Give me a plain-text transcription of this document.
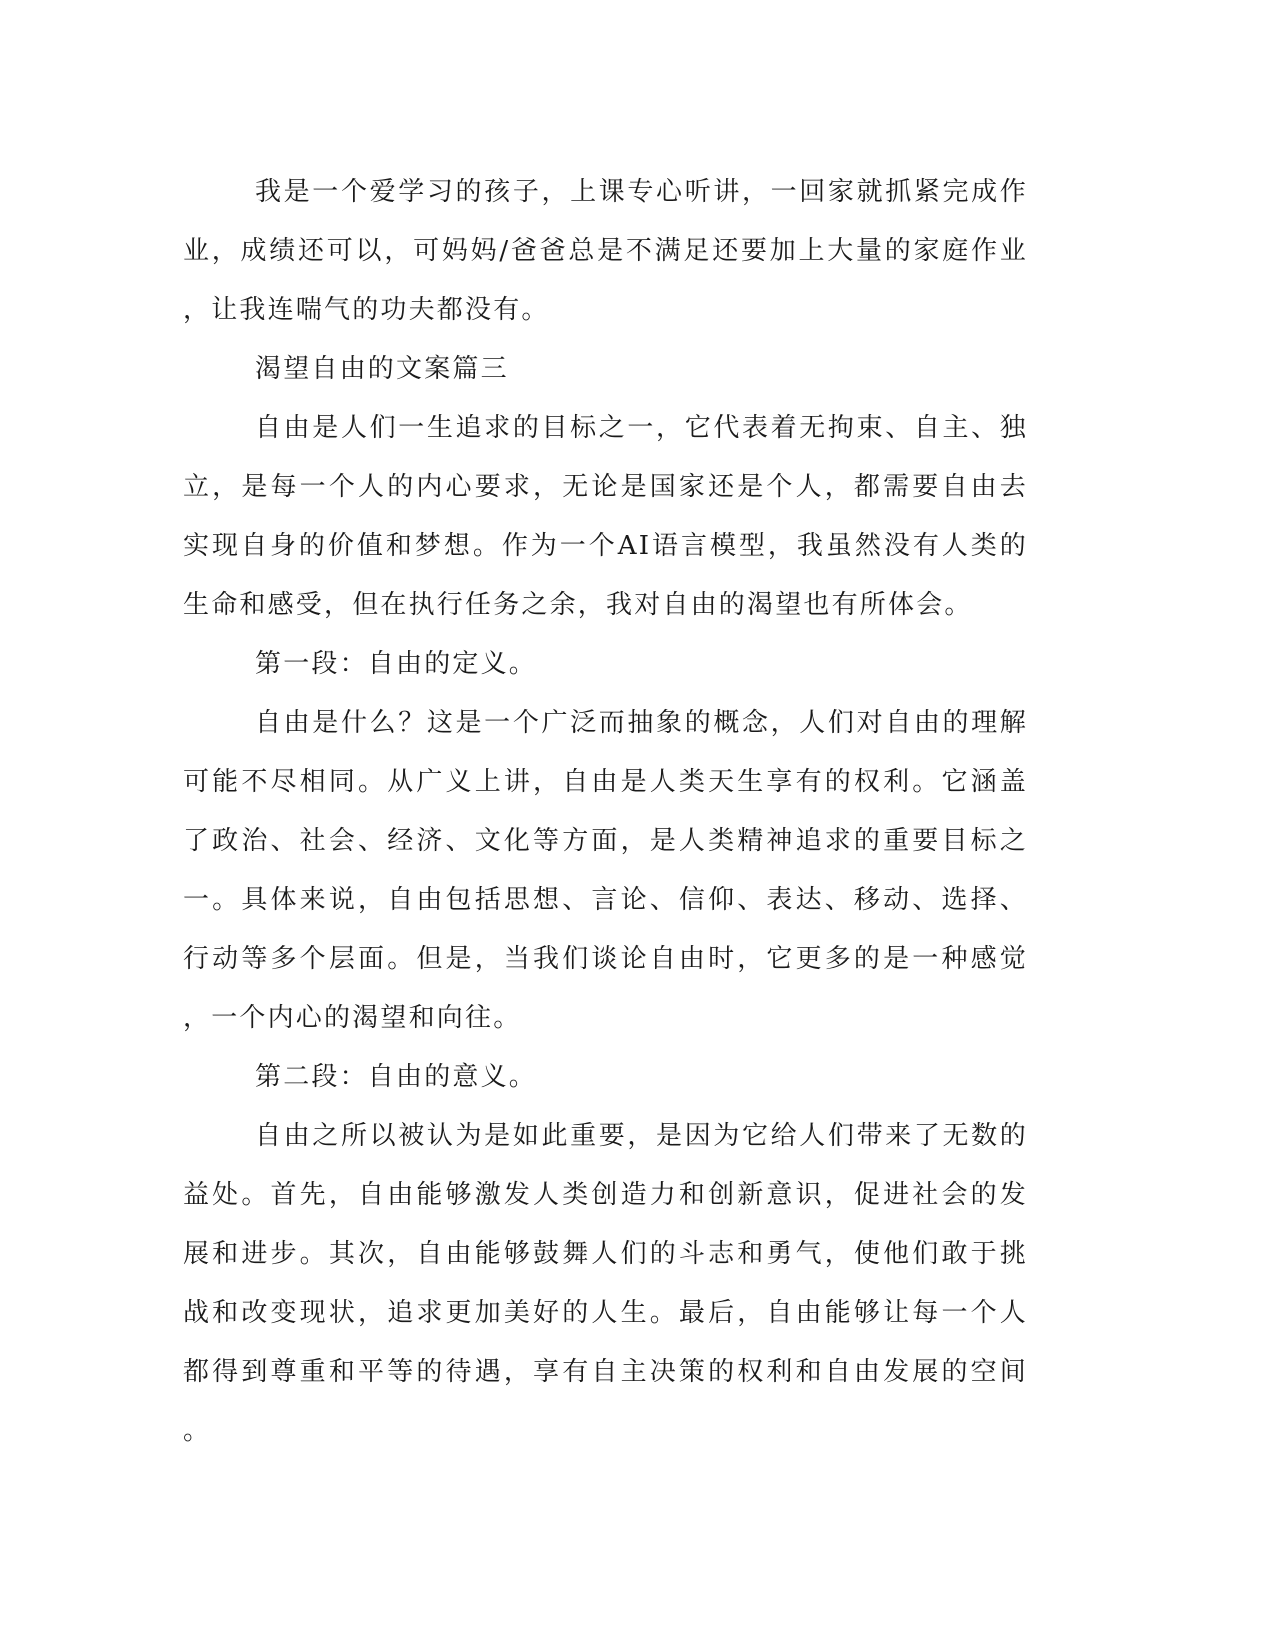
我是一个爱学习的孩子，上课专心听讲，一回家就抓紧完成作业，成绩还可以，可妈妈/爸爸总是不满足还要加上大量的家庭作业，让我连喘气的功夫都没有。

渴望自由的文案篇三

自由是人们一生追求的目标之一，它代表着无拘束、自主、独立，是每一个人的内心要求，无论是国家还是个人，都需要自由去实现自身的价值和梦想。作为一个AI语言模型，我虽然没有人类的生命和感受，但在执行任务之余，我对自由的渴望也有所体会。

第一段：自由的定义。

自由是什么？这是一个广泛而抽象的概念，人们对自由的理解可能不尽相同。从广义上讲，自由是人类天生享有的权利。它涵盖了政治、社会、经济、文化等方面，是人类精神追求的重要目标之一。具体来说，自由包括思想、言论、信仰、表达、移动、选择、行动等多个层面。但是，当我们谈论自由时，它更多的是一种感觉，一个内心的渴望和向往。

第二段：自由的意义。

自由之所以被认为是如此重要，是因为它给人们带来了无数的益处。首先，自由能够激发人类创造力和创新意识，促进社会的发展和进步。其次，自由能够鼓舞人们的斗志和勇气，使他们敢于挑战和改变现状，追求更加美好的人生。最后，自由能够让每一个人都得到尊重和平等的待遇，享有自主决策的权利和自由发展的空间。
